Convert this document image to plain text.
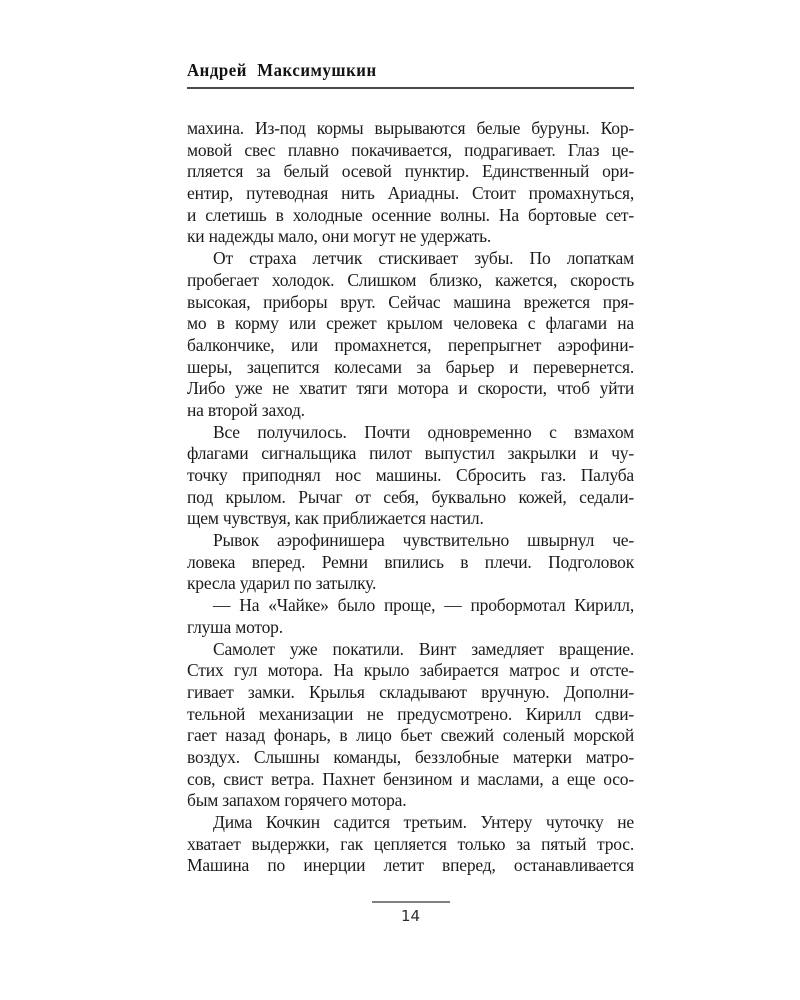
Андрей Максимушкин

махина. Из-под кормы вырываются белые буруны. Кор-
мовой свес плавно покачивается, подрагивает. Глаз це-
пляется за белый осевой пунктир. Единственный ори-
ентир, путеводная нить Ариадны. Стоит промахнуться,
и слетишь в холодные осенние волны. На бортовые сет-
ки надежды мало, они могут не удержать.

От страха летчик стискивает зубы. По лопаткам
пробегает холодок. Слишком близко, кажется, скорость
высокая, приборы врут. Сейчас машина врежется пря-
мо в корму или срежет крылом человека с флагами на
балкончике, или промахнется, перепрыгнет аэрофини-
шеры, зацепится колесами за барьер и перевернется.
Либо уже не хватит тяги мотора и скорости, чтоб уйти
на второй заход.

Все получилось. Почти одновременно с взмахом
флагами сигнальщика пилот выпустил закрылки и чу-
точку приподнял нос машины. Сбросить газ. Палуба
под крылом. Рычаг от себя, буквально кожей, седали-
щем чувствуя, как приближается настил.

Рывок аэрофинишера чувствительно швырнул че-
ловека вперед. Ремни впились в плечи. Подголовок
кресла ударил по затылку.

— На «Чайке» было проще, — пробормотал Кирилл,
глуша мотор.

Самолет уже покатили. Винт замедляет вращение.
Стих гул мотора. На крыло забирается матрос и отсте-
гивает замки. Крылья складывают вручную. Дополни-
тельной механизации не предусмотрено. Кирилл сдви-
гает назад фонарь, в лицо бьет свежий соленый морской
воздух. Слышны команды, беззлобные матерки матро-
сов, свист ветра. Пахнет бензином и маслами, а еще осо-
бым запахом горячего мотора.

Дима Кочкин садится третьим. Унтеру чуточку не
хватает выдержки, гак цепляется только за пятый трос.
Машина по инерции летит вперед, останавливается

14
